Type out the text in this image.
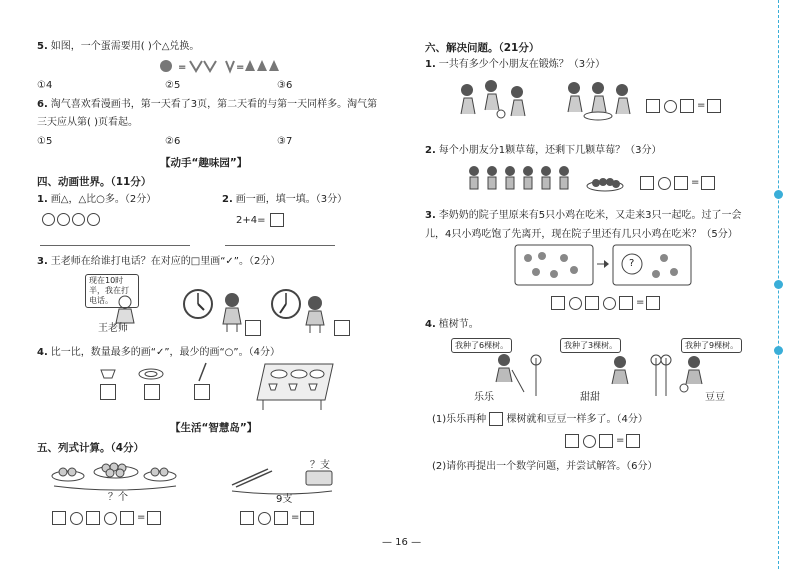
5. 如图，一个蛋需要用( )个△兑换。
=	=
①4	②5	③6
6. 淘气喜欢看漫画书，第一天看了3页，第二天看的与第一天同样多。淘气第
三天应从第( )页看起。
①5	②6	③7
【动手“趣味园”】
四、动画世界。（11分）
1. 画△，△比○多。（2分）	2. 画一画，填一填。（3分）
2+4=
3. 王老师在给谁打电话？在对应的□里画“✓”。（2分）
现在10时半，我在打电话。
王老师
4. 比一比，数量最多的画“✓”，最少的画“○”。（4分）
【生活“智慧岛”】
五、列式计算。（4分）
？个
=
？支
9支
=
六、解决问题。（21分）
1. 一共有多少个小朋友在锻炼？（3分）
=
2. 每个小朋友分1颗草莓，还剩下几颗草莓？（3分）
=
3. 李奶奶的院子里原来有5只小鸡在吃米，又走来3只一起吃。过了一会
儿，4只小鸡吃饱了先离开，现在院子里还有几只小鸡在吃米？（5分）
?
=
4. 植树节。
我种了6棵树。	我种了3棵树。	我种了9棵树。
乐乐	甜甜	豆豆
(1)乐乐再种 棵树就和豆豆一样多了。（4分）
=
(2)请你再提出一个数学问题，并尝试解答。（6分）
— 16 —
